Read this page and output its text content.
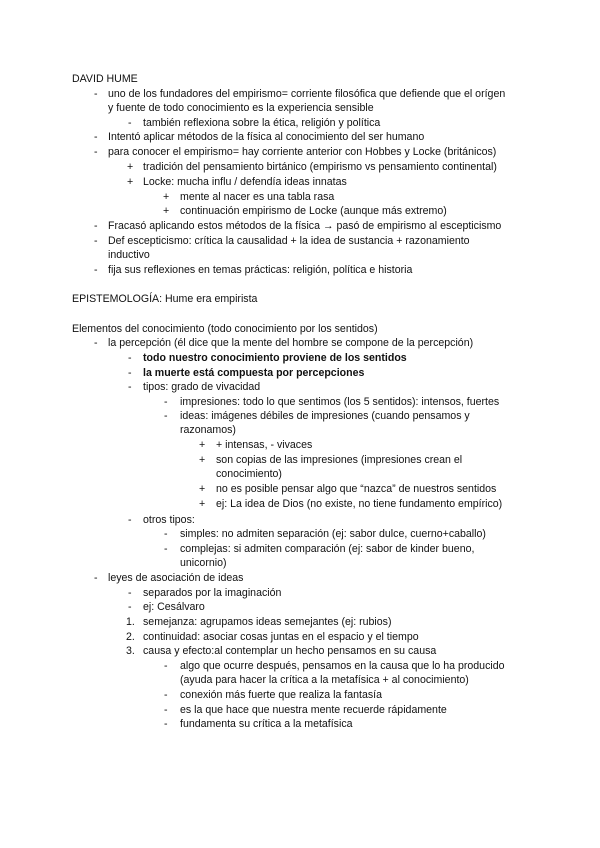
DAVID HUME
- uno de los fundadores del empirismo= corriente filosófica que defiende que el orígen
y fuente de todo conocimiento es la experiencia sensible
- también reflexiona sobre la ética, religión y política
- Intentó aplicar métodos de la física al conocimiento del ser humano
- para conocer el empirismo= hay corriente anterior con Hobbes y Locke (británicos)
+ tradición del pensamiento birtánico (empirismo vs pensamiento continental)
+ Locke: mucha influ / defendía ideas innatas
+ mente al nacer es una tabla rasa
+ continuación empirismo de Locke (aunque más extremo)
- Fracasó aplicando estos métodos de la física → pasó de empirismo al escepticismo
- Def escepticismo: crítica la causalidad + la idea de sustancia + razonamiento
inductivo
- fija sus reflexiones en temas prácticas: religión, política e historia
EPISTEMOLOGÍA: Hume era empirista
Elementos del conocimiento (todo conocimiento por los sentidos)
- la percepción (él dice que la mente del hombre se compone de la percepción)
- todo nuestro conocimiento proviene de los sentidos
- la muerte está compuesta por percepciones
- tipos: grado de vivacidad
- impresiones: todo lo que sentimos (los 5 sentidos): intensos, fuertes
- ideas: imágenes débiles de impresiones (cuando pensamos y
razonamos)
+ + intensas, - vivaces
+ son copias de las impresiones (impresiones crean el
conocimiento)
+ no es posible pensar algo que “nazca” de nuestros sentidos
+ ej: La idea de Dios (no existe, no tiene fundamento empírico)
- otros tipos:
- simples: no admiten separación (ej: sabor dulce, cuerno+caballo)
- complejas: si admiten comparación (ej: sabor de kinder bueno,
unicornio)
- leyes de asociación de ideas
- separados por la imaginación
- ej: Cesálvaro
1. semejanza: agrupamos ideas semejantes (ej: rubios)
2. continuidad: asociar cosas juntas en el espacio y el tiempo
3. causa y efecto:al contemplar un hecho pensamos en su causa
- algo que ocurre después, pensamos en la causa que lo ha producido
(ayuda para hacer la crítica a la metafísica + al conocimiento)
- conexión más fuerte que realiza la fantasía
- es la que hace que nuestra mente recuerde rápidamente
- fundamenta su crítica a la metafísica
